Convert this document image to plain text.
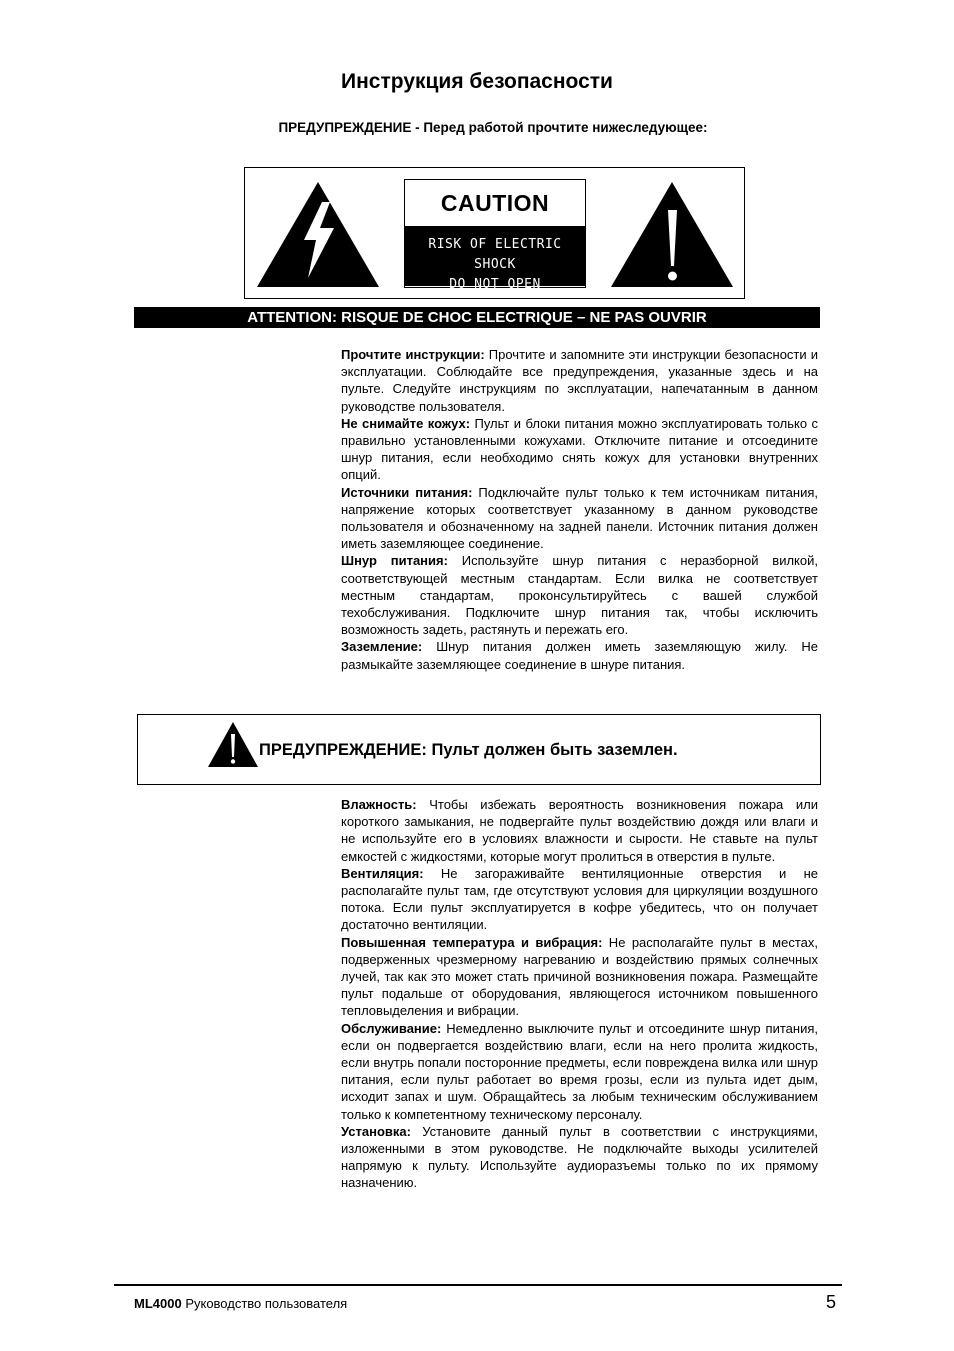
Инструкция безопасности
ПРЕДУПРЕЖДЕНИЕ - Перед работой прочтите нижеследующее:
CAUTION
RISK OF ELECTRIC SHOCK
DO NOT OPEN
ATTENTION: RISQUE DE CHOC ELECTRIQUE – NE PAS OUVRIR

Прочтите инструкции: Прочтите и запомните эти инструкции безопасности и эксплуатации. Соблюдайте все предупреждения, указанные здесь и на пульте. Следуйте инструкциям по эксплуатации, напечатанным в данном руководстве пользователя.

Не снимайте кожух: Пульт и блоки питания можно эксплуатировать только с правильно установленными кожухами. Отключите питание и отсоедините шнур питания, если необходимо снять кожух для установки внутренних опций.

Источники питания: Подключайте пульт только к тем источникам питания, напряжение которых соответствует указанному в данном руководстве пользователя и обозначенному на задней панели. Источник питания должен иметь заземляющее соединение.

Шнур питания: Используйте шнур питания с неразборной вилкой, соответствующей местным стандартам. Если вилка не соответствует местным стандартам, проконсультируйтесь с вашей службой техобслуживания. Подключите шнур питания так, чтобы исключить возможность задеть, растянуть и пережать его.

Заземление: Шнур питания должен иметь заземляющую жилу. Не размыкайте заземляющее соединение в шнуре питания.

ПРЕДУПРЕЖДЕНИЕ: Пульт должен быть заземлен.

Влажность: Чтобы избежать вероятность возникновения пожара или короткого замыкания, не подвергайте пульт воздействию дождя или влаги и не используйте его в условиях влажности и сырости. Не ставьте на пульт емкостей с жидкостями, которые могут пролиться в отверстия в пульте.

Вентиляция: Не загораживайте вентиляционные отверстия и не располагайте пульт там, где отсутствуют условия для циркуляции воздушного потока. Если пульт эксплуатируется в кофре убедитесь, что он получает достаточно вентиляции.

Повышенная температура и вибрация: Не располагайте пульт в местах, подверженных чрезмерному нагреванию и воздействию прямых солнечных лучей, так как это может стать причиной возникновения пожара. Размещайте пульт подальше от оборудования, являющегося источником повышенного тепловыделения и вибрации.

Обслуживание: Немедленно выключите пульт и отсоедините шнур питания, если он подвергается воздействию влаги, если на него пролита жидкость, если внутрь попали посторонние предметы, если повреждена вилка или шнур питания, если пульт работает во время грозы, если из пульта идет дым, исходит запах и шум. Обращайтесь за любым техническим обслуживанием только к компетентному техническому персоналу.

Установка: Установите данный пульт в соответствии с инструкциями, изложенными в этом руководстве. Не подключайте выходы усилителей напрямую к пульту. Используйте аудиоразъемы только по их прямому назначению.

ML4000 Руководство пользователя	5
